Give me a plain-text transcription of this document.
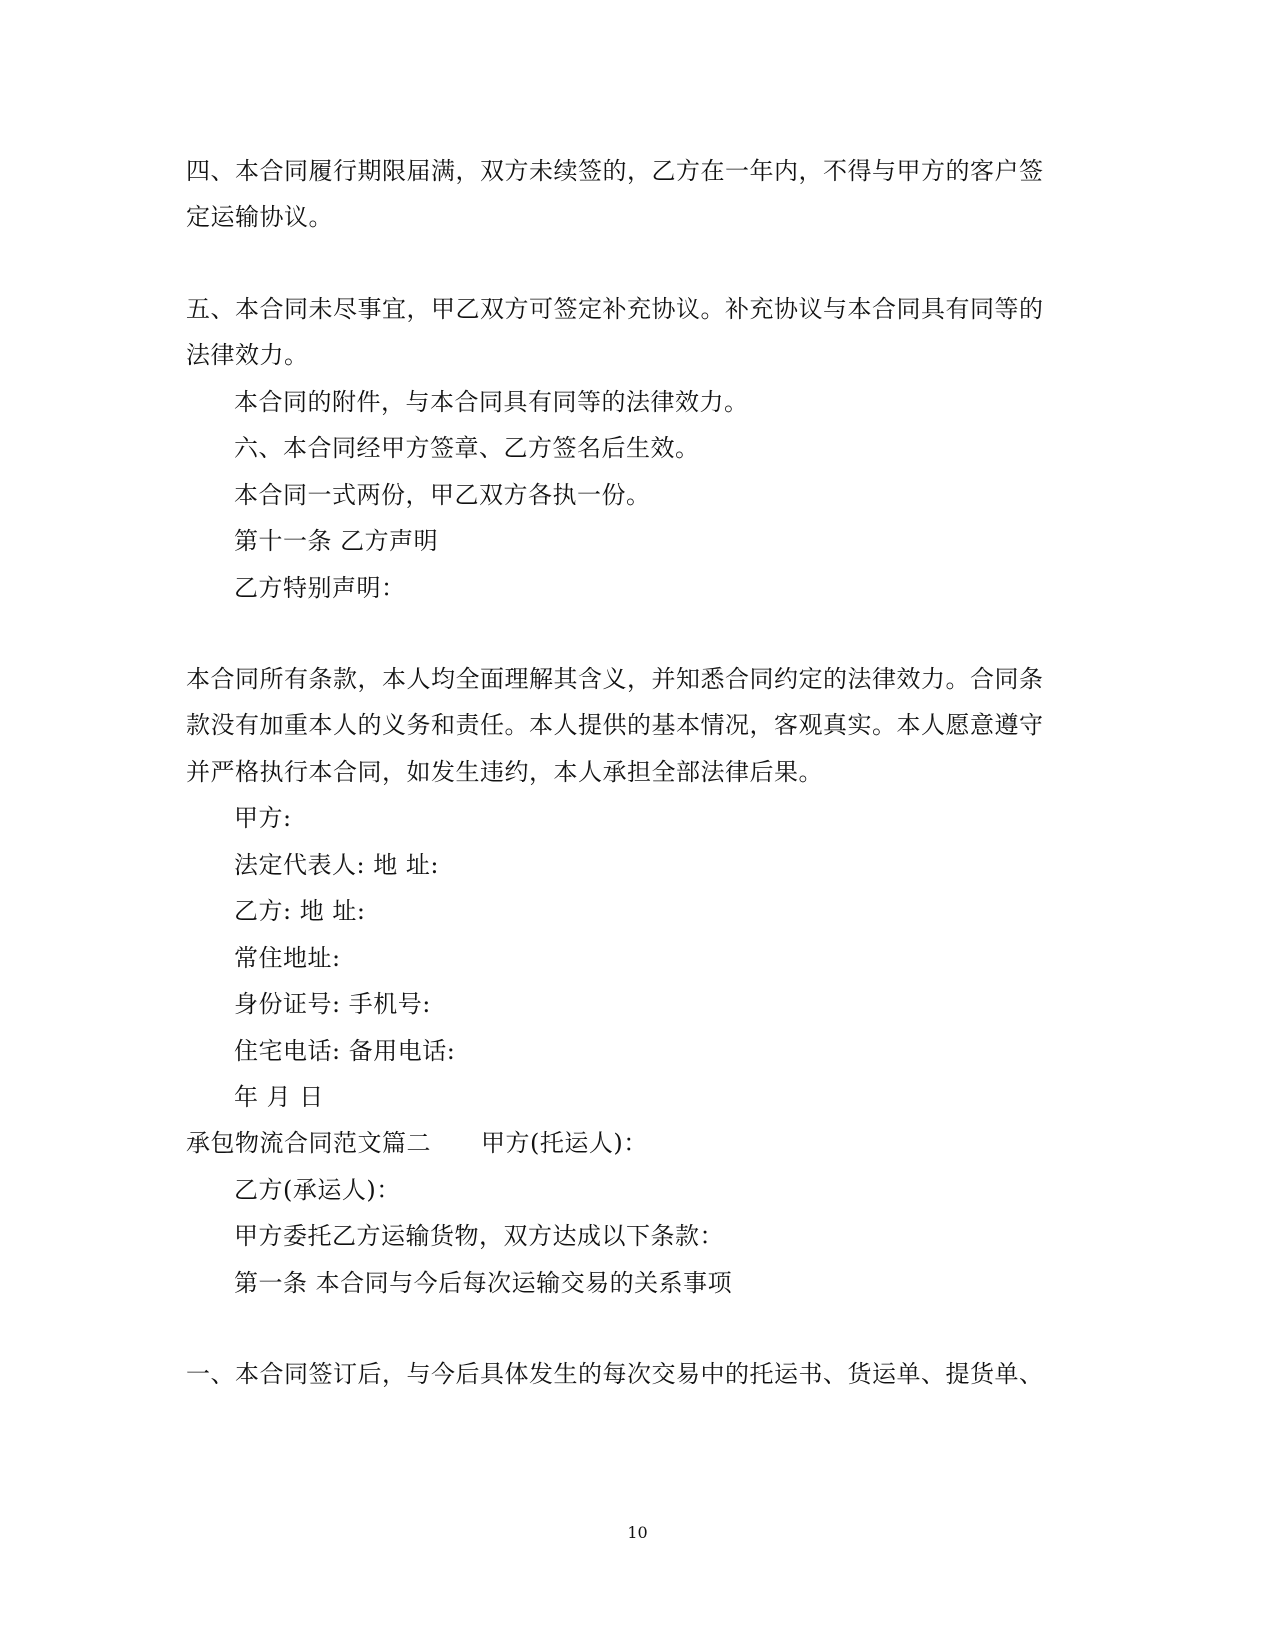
四、本合同履行期限届满，双方未续签的，乙方在一年内，不得与甲方的客户签
定运输协议。
五、本合同未尽事宜，甲乙双方可签定补充协议。补充协议与本合同具有同等的
法律效力。
本合同的附件，与本合同具有同等的法律效力。
六、本合同经甲方签章、乙方签名后生效。
本合同一式两份，甲乙双方各执一份。
第十一条 乙方声明
乙方特别声明：
本合同所有条款，本人均全面理解其含义，并知悉合同约定的法律效力。合同条
款没有加重本人的义务和责任。本人提供的基本情况，客观真实。本人愿意遵守
并严格执行本合同，如发生违约，本人承担全部法律后果。
甲方:
法定代表人: 地 址:
乙方: 地 址:
常住地址:
身份证号: 手机号:
住宅电话: 备用电话:
年 月 日
承包物流合同范文篇二 甲方(托运人)：
乙方(承运人)：
甲方委托乙方运输货物，双方达成以下条款：
第一条 本合同与今后每次运输交易的关系事项
一、本合同签订后，与今后具体发生的每次交易中的托运书、货运单、提货单、
10
